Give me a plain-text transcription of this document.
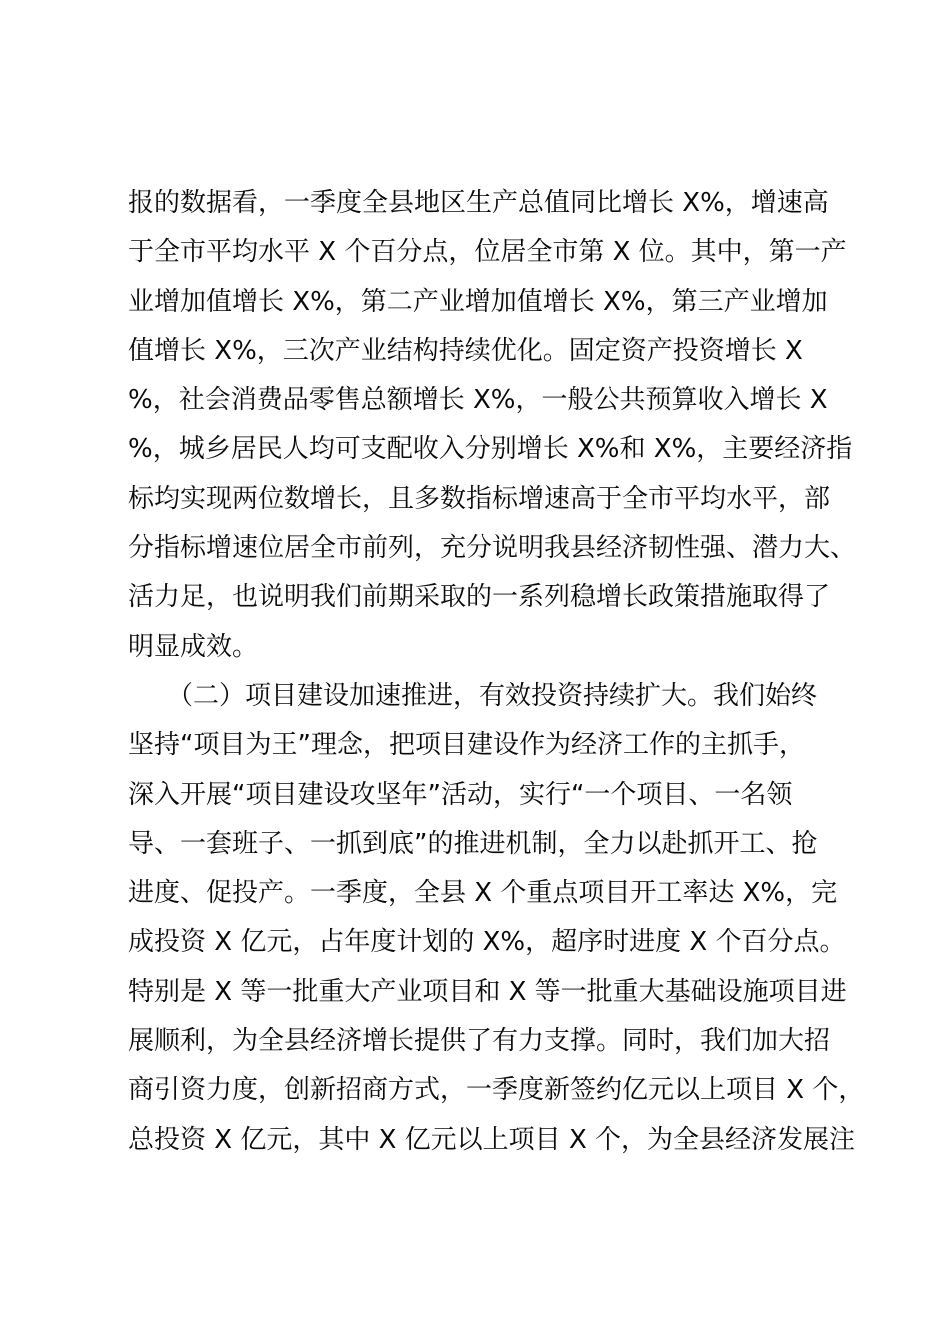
报的数据看，一季度全县地区生产总值同比增长 X%，增速高
于全市平均水平 X 个百分点，位居全市第 X 位。其中，第一产
业增加值增长 X%，第二产业增加值增长 X%，第三产业增加
值增长 X%，三次产业结构持续优化。固定资产投资增长 X
%，社会消费品零售总额增长 X%，一般公共预算收入增长 X
%，城乡居民人均可支配收入分别增长 X%和 X%，主要经济指
标均实现两位数增长，且多数指标增速高于全市平均水平，部
分指标增速位居全市前列，充分说明我县经济韧性强、潜力大、
活力足，也说明我们前期采取的一系列稳增长政策措施取得了
明显成效。
　　（二）项目建设加速推进，有效投资持续扩大。我们始终
坚持“项目为王”理念，把项目建设作为经济工作的主抓手，
深入开展“项目建设攻坚年”活动，实行“一个项目、一名领
导、一套班子、一抓到底”的推进机制，全力以赴抓开工、抢
进度、促投产。一季度，全县 X 个重点项目开工率达 X%，完
成投资 X 亿元，占年度计划的 X%，超序时进度 X 个百分点。
特别是 X 等一批重大产业项目和 X 等一批重大基础设施项目进
展顺利，为全县经济增长提供了有力支撑。同时，我们加大招
商引资力度，创新招商方式，一季度新签约亿元以上项目 X 个，
总投资 X 亿元，其中 X 亿元以上项目 X 个，为全县经济发展注
